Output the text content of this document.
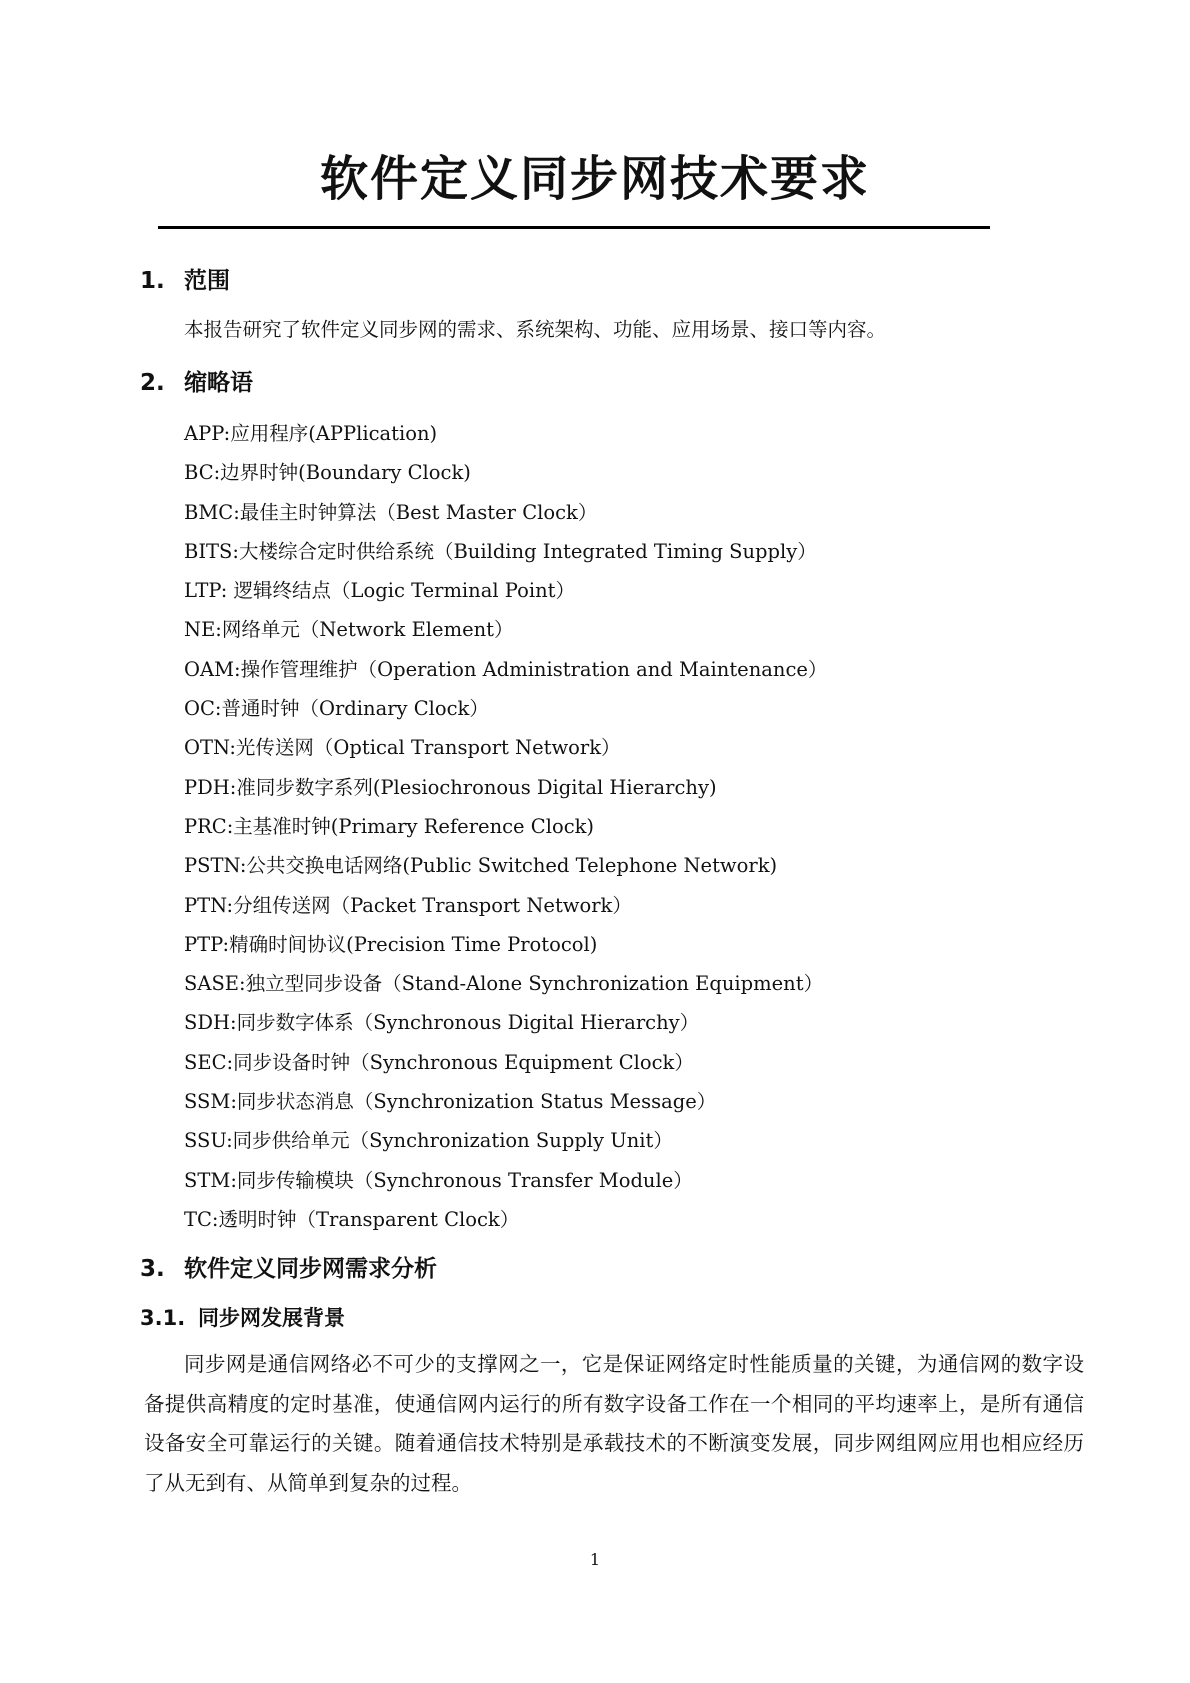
软件定义同步网技术要求
1. 范围

本报告研究了软件定义同步网的需求、系统架构、功能、应用场景、接口等内容。

2. 缩略语
APP:应用程序(APPlication)
BC:边界时钟(Boundary Clock)
BMC:最佳主时钟算法（Best Master Clock）
BITS:大楼综合定时供给系统（Building Integrated Timing Supply）
LTP: 逻辑终结点（Logic Terminal Point）
NE:网络单元（Network Element）
OAM:操作管理维护（Operation Administration and Maintenance）
OC:普通时钟（Ordinary Clock）
OTN:光传送网（Optical Transport Network）
PDH:准同步数字系列(Plesiochronous Digital Hierarchy)
PRC:主基准时钟(Primary Reference Clock)
PSTN:公共交换电话网络(Public Switched Telephone Network)
PTN:分组传送网（Packet Transport Network）
PTP:精确时间协议(Precision Time Protocol)
SASE:独立型同步设备（Stand-Alone Synchronization Equipment）
SDH:同步数字体系（Synchronous Digital Hierarchy）
SEC:同步设备时钟（Synchronous Equipment Clock）
SSM:同步状态消息（Synchronization Status Message）
SSU:同步供给单元（Synchronization Supply Unit）
STM:同步传输模块（Synchronous Transfer Module）
TC:透明时钟（Transparent Clock）
3. 软件定义同步网需求分析
3.1. 同步网发展背景

同步网是通信网络必不可少的支撑网之一，它是保证网络定时性能质量的关键，为通信网的数字设备提供高精度的定时基准，使通信网内运行的所有数字设备工作在一个相同的平均速率上，是所有通信设备安全可靠运行的关键。随着通信技术特别是承载技术的不断演变发展，同步网组网应用也相应经历了从无到有、从简单到复杂的过程。

1
